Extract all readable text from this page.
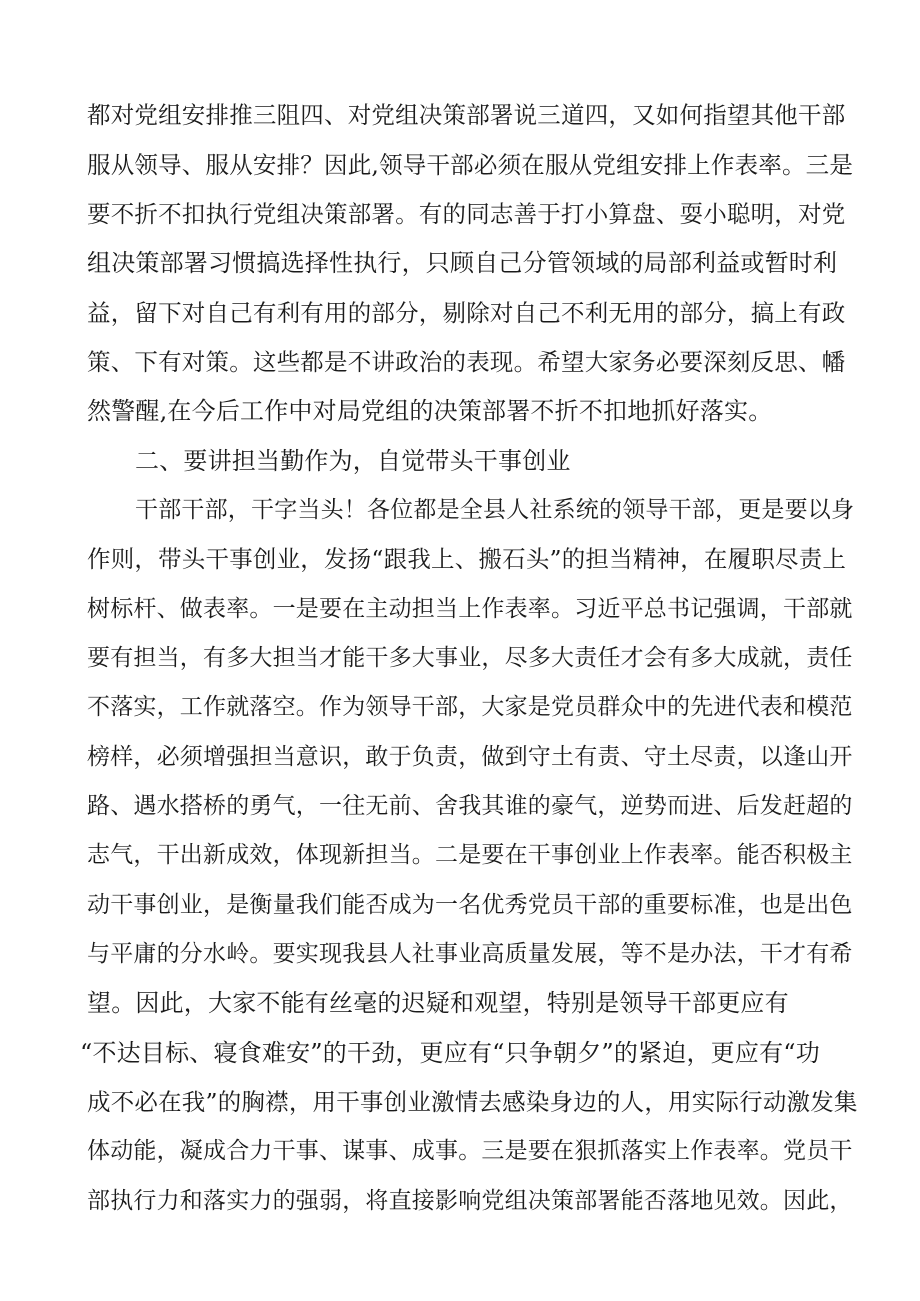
都对党组安排推三阻四、对党组决策部署说三道四，又如何指望其他干部
服从领导、服从安排？因此,领导干部必须在服从党组安排上作表率。三是
要不折不扣执行党组决策部署。有的同志善于打小算盘、耍小聪明，对党
组决策部署习惯搞选择性执行，只顾自己分管领域的局部利益或暂时利
益，留下对自己有利有用的部分，剔除对自己不利无用的部分，搞上有政
策、下有对策。这些都是不讲政治的表现。希望大家务必要深刻反思、幡
然警醒,在今后工作中对局党组的决策部署不折不扣地抓好落实。
二、要讲担当勤作为，自觉带头干事创业
干部干部，干字当头！各位都是全县人社系统的领导干部，更是要以身
作则，带头干事创业，发扬“跟我上、搬石头”的担当精神，在履职尽责上
树标杆、做表率。一是要在主动担当上作表率。习近平总书记强调，干部就
要有担当，有多大担当才能干多大事业，尽多大责任才会有多大成就，责任
不落实，工作就落空。作为领导干部，大家是党员群众中的先进代表和模范
榜样，必须增强担当意识，敢于负责，做到守土有责、守土尽责，以逢山开
路、遇水搭桥的勇气，一往无前、舍我其谁的豪气，逆势而进、后发赶超的
志气，干出新成效，体现新担当。二是要在干事创业上作表率。能否积极主
动干事创业，是衡量我们能否成为一名优秀党员干部的重要标准，也是出色
与平庸的分水岭。要实现我县人社事业高质量发展，等不是办法，干才有希
望。因此，大家不能有丝毫的迟疑和观望，特别是领导干部更应有
“不达目标、寝食难安”的干劲，更应有“只争朝夕”的紧迫，更应有“功
成不必在我”的胸襟，用干事创业激情去感染身边的人，用实际行动激发集
体动能，凝成合力干事、谋事、成事。三是要在狠抓落实上作表率。党员干
部执行力和落实力的强弱，将直接影响党组决策部署能否落地见效。因此，
